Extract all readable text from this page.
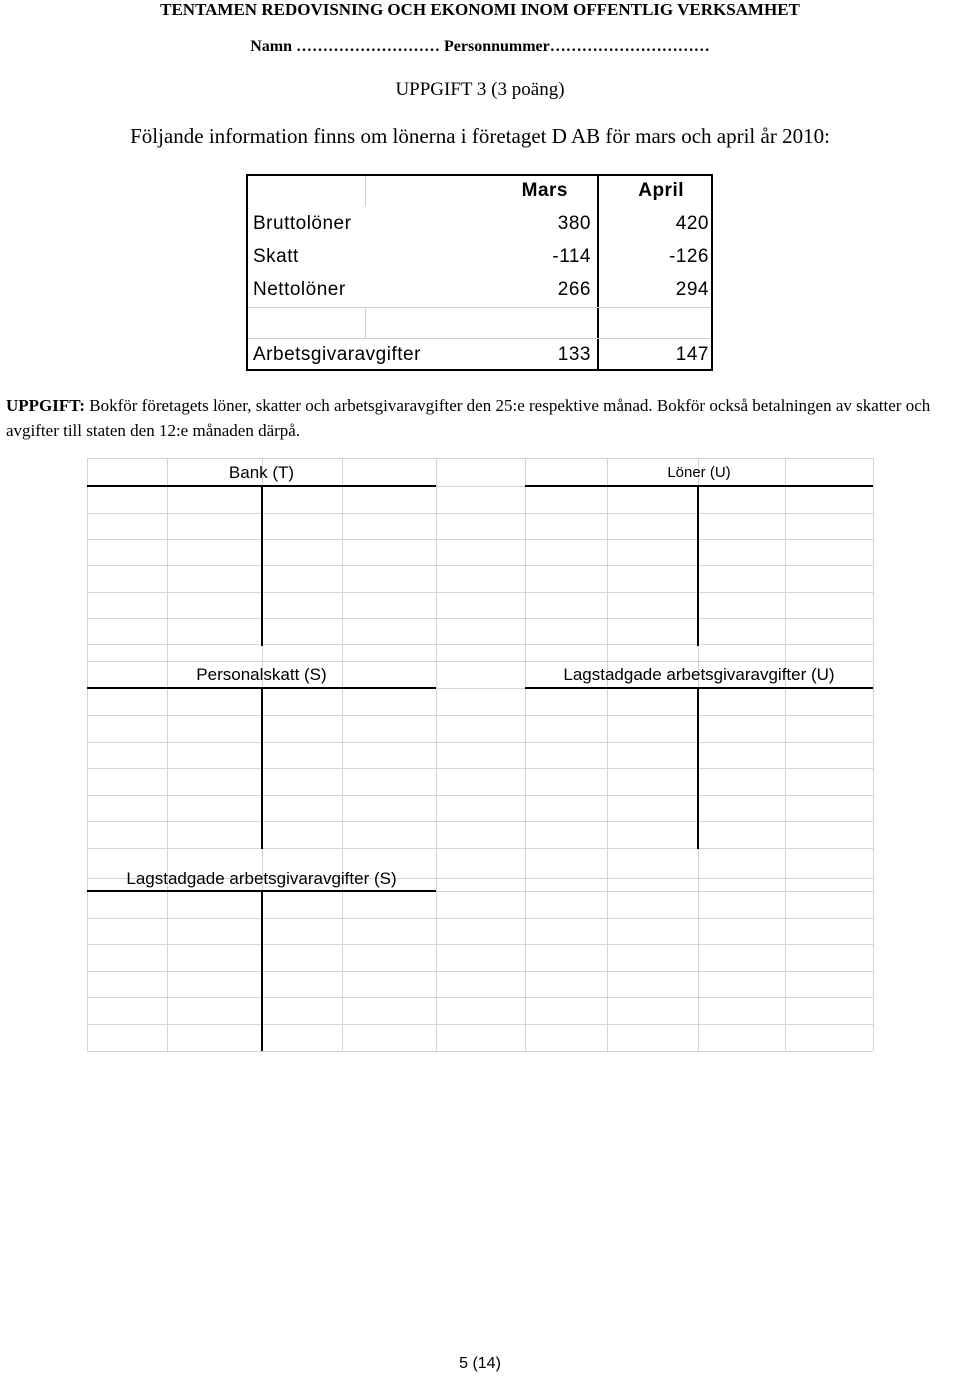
TENTAMEN REDOVISNING OCH EKONOMI INOM OFFENTLIG VERKSAMHET
Namn ……………………… Personnummer…………………………
UPPGIFT 3 (3 poäng)
Följande information finns om lönerna i företaget D AB för mars och april år 2010:
Mars	April
Bruttolöner	380	420
Skatt	-114	-126
Nettolöner	266	294
Arbetsgivaravgifter	133	147
UPPGIFT: Bokför företagets löner, skatter och arbetsgivaravgifter den 25:e respektive månad. Bokför också betalningen av skatter och avgifter till staten den 12:e månaden därpå.
Bank (T)	Löner (U)
Personalskatt (S)	Lagstadgade arbetsgivaravgifter (U)
Lagstadgade arbetsgivaravgifter (S)
5 (14)
